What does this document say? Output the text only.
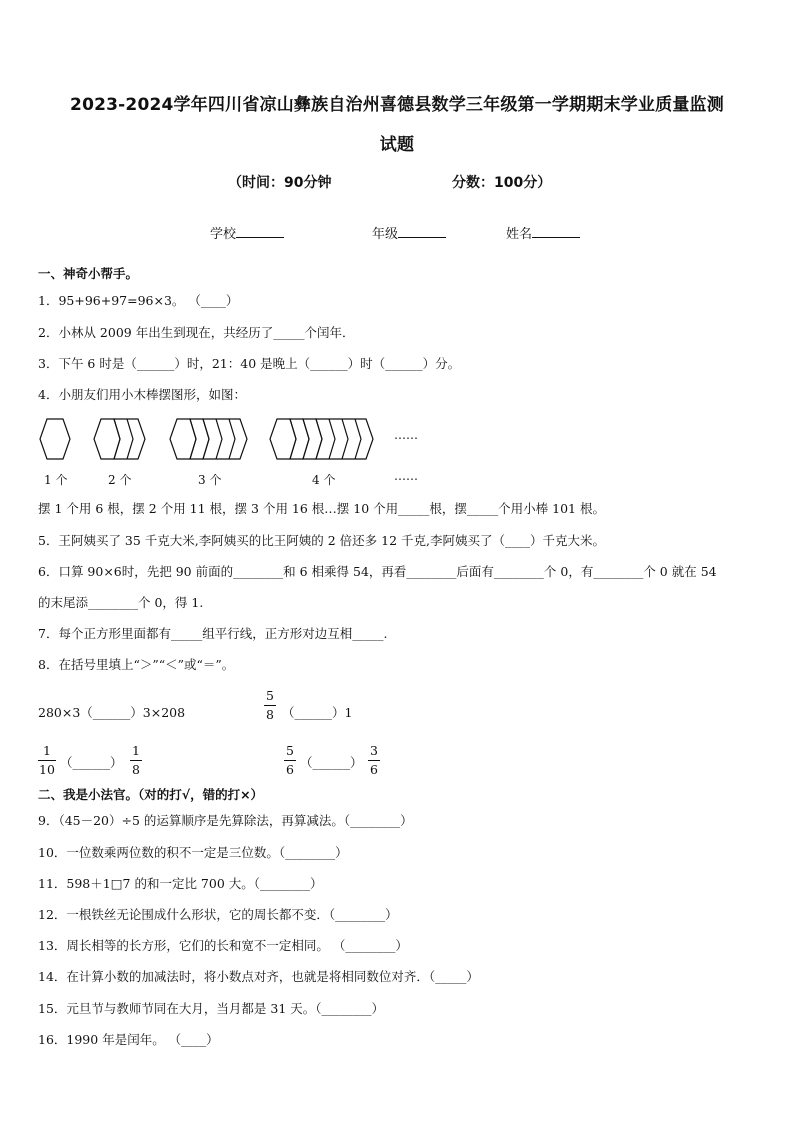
2023-2024学年四川省凉山彝族自治州喜德县数学三年级第一学期期末学业质量监测
试题
（时间：90分钟	分数：100分）
学校	年级	姓名
一、神奇小帮手。
1．95+96+97=96×3。 （____）
2．小林从 2009 年出生到现在，共经历了_____个闰年．
3．下午 6 时是（______）时，21：40 是晚上（______）时（______）分。
4．小朋友们用小木棒摆图形，如图：
……
1 个	2 个	3 个	4 个	……
摆 1 个用 6 根，摆 2 个用 11 根，摆 3 个用 16 根…摆 10 个用_____根，摆_____个用小棒 101 根。
5．王阿姨买了 35 千克大米,李阿姨买的比王阿姨的 2 倍还多 12 千克,李阿姨买了（____）千克大米。
6．口算 90×6时，先把 90 前面的________和 6 相乘得 54，再看________后面有________个 0，有________个 0 就在 54
的末尾添________个 0，得 1.
7．每个正方形里面都有_____组平行线，正方形对边互相_____.
8．在括号里填上“＞”“＜”或“＝”。
280×3（______）3×208
5
8 （______）1
1
10 （______）
1
8
5
6 （______）
3
6
二、我是小法官。（对的打√，错的打×）
9．（45－20）÷5 的运算顺序是先算除法，再算减法。（________）
10．一位数乘两位数的积不一定是三位数。（________）
11．598＋1□7 的和一定比 700 大。（________）
12．一根铁丝无论围成什么形状，它的周长都不变．（________）
13．周长相等的长方形，它们的长和宽不一定相同。 （________）
14．在计算小数的加减法时，将小数点对齐，也就是将相同数位对齐．（_____）
15．元旦节与教师节同在大月，当月都是 31 天。（________）
16．1990 年是闰年。 （____）
